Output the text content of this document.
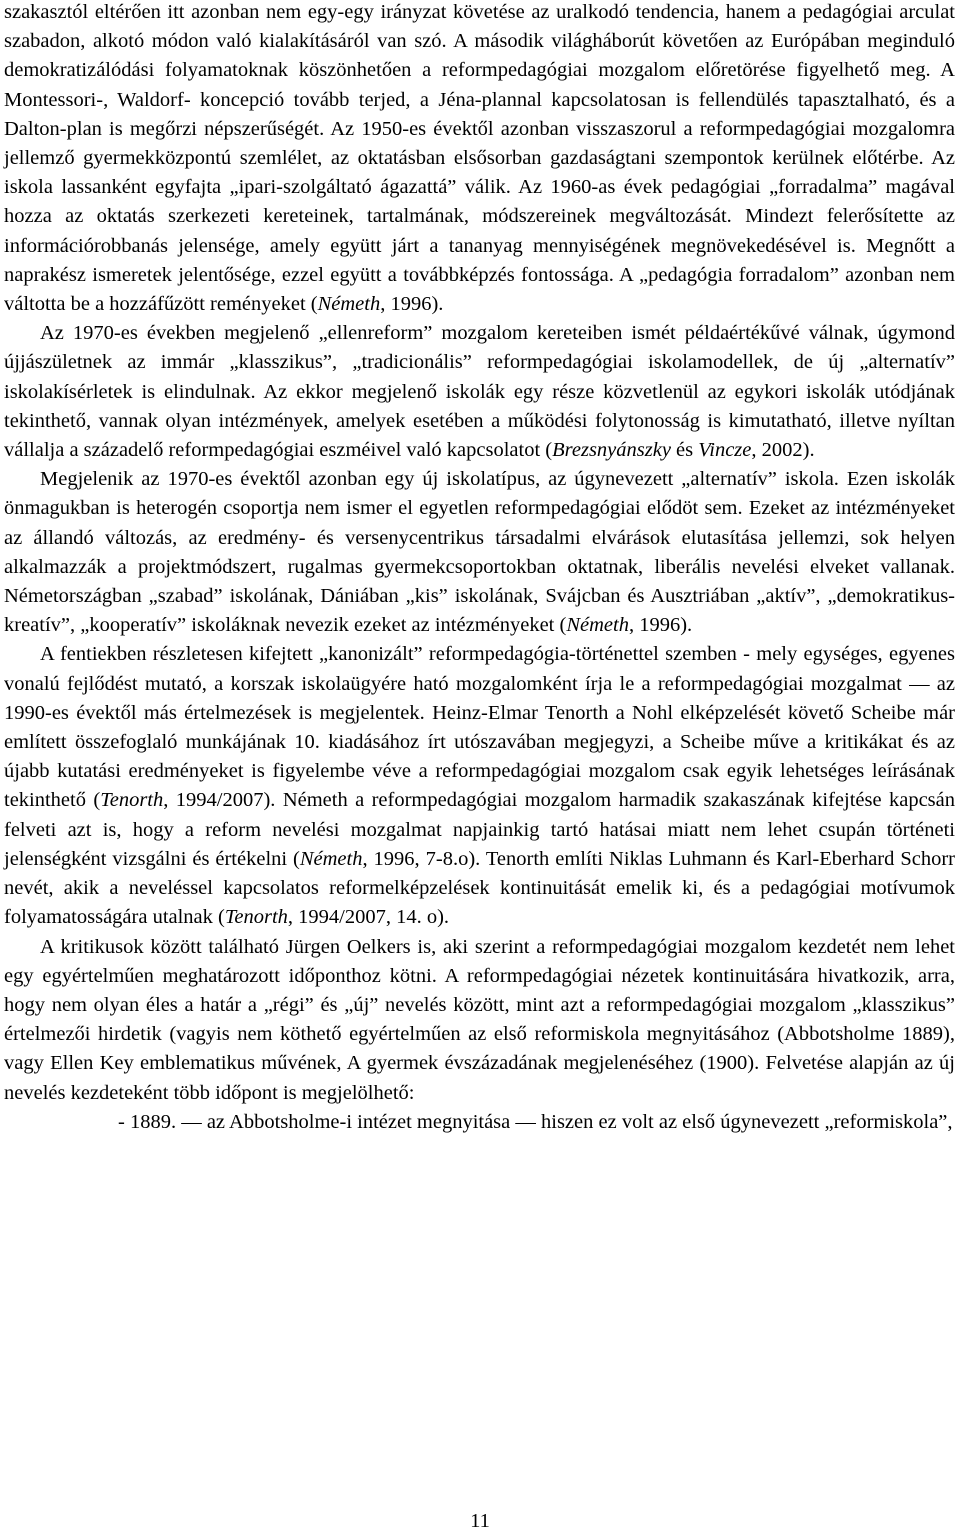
szakasztól eltérően itt azonban nem egy-egy irányzat követése az uralkodó tendencia, hanem a pedagógiai arculat szabadon, alkotó módon való kialakításáról van szó. A második világháborút követően az Európában meginduló demokratizálódási folyamatoknak köszönhetően a reformpedagógiai mozgalom előretörése figyelhető meg. A Montessori-, Waldorf- koncepció tovább terjed, a Jéna-plannal kapcsolatosan is fellendülés tapasztalható, és a Dalton-plan is megőrzi népszerűségét. Az 1950-es évektől azonban visszaszorul a reformpedagógiai mozgalomra jellemző gyermekközpontú szemlélet, az oktatásban elsősorban gazdaságtani szempontok kerülnek előtérbe. Az iskola lassanként egyfajta „ipari-szolgáltató ágazattá” válik. Az 1960-as évek pedagógiai „forradalma” magával hozza az oktatás szerkezeti kereteinek, tartalmának, módszereinek megváltozását. Mindezt felerősítette az információrobbanás jelensége, amely együtt járt a tananyag mennyiségének megnövekedésével is. Megnőtt a naprakész ismeretek jelentősége, ezzel együtt a továbbképzés fontossága. A „pedagógia forradalom” azonban nem váltotta be a hozzáfűzött reményeket (Németh, 1996).

Az 1970-es években megjelenő „ellenreform” mozgalom kereteiben ismét példaértékűvé válnak, úgymond újjászületnek az immár „klasszikus”, „tradicionális” reformpedagógiai iskolamodellek, de új „alternatív” iskolakísérletek is elindulnak. Az ekkor megjelenő iskolák egy része közvetlenül az egykori iskolák utódjának tekinthető, vannak olyan intézmények, amelyek esetében a működési folytonosság is kimutatható, illetve nyíltan vállalja a századelő reformpedagógiai eszméivel való kapcsolatot (Brezsnyánszky és Vincze, 2002).

Megjelenik az 1970-es évektől azonban egy új iskolatípus, az úgynevezett „alternatív” iskola. Ezen iskolák önmagukban is heterogén csoportja nem ismer el egyetlen reformpedagógiai elődöt sem. Ezeket az intézményeket az állandó változás, az eredmény- és versenycentrikus társadalmi elvárások elutasítása jellemzi, sok helyen alkalmazzák a projektmódszert, rugalmas gyermekcsoportokban oktatnak, liberális nevelési elveket vallanak. Németországban „szabad” iskolának, Dániában „kis” iskolának, Svájcban és Ausztriában „aktív”, „demokratikus-kreatív”, „kooperatív” iskoláknak nevezik ezeket az intézményeket (Németh, 1996).

A fentiekben részletesen kifejtett „kanonizált” reformpedagógia-történettel szemben - mely egységes, egyenes vonalú fejlődést mutató, a korszak iskolaügyére ható mozgalomként írja le a reformpedagógiai mozgalmat — az 1990-es évektől más értelmezések is megjelentek. Heinz-Elmar Tenorth a Nohl elképzelését követő Scheibe már említett összefoglaló munkájának 10. kiadásához írt utószavában megjegyzi, a Scheibe műve a kritikákat és az újabb kutatási eredményeket is figyelembe véve a reformpedagógiai mozgalom csak egyik lehetséges leírásának tekinthető (Tenorth, 1994/2007). Németh a reformpedagógiai mozgalom harmadik szakaszának kifejtése kapcsán felveti azt is, hogy a reform nevelési mozgalmat napjainkig tartó hatásai miatt nem lehet csupán történeti jelenségként vizsgálni és értékelni (Németh, 1996, 7-8.o). Tenorth említi Niklas Luhmann és Karl-Eberhard Schorr nevét, akik a neveléssel kapcsolatos reformelképzelések kontinuitását emelik ki, és a pedagógiai motívumok folyamatosságára utalnak (Tenorth, 1994/2007, 14. o).

A kritikusok között található Jürgen Oelkers is, aki szerint a reformpedagógiai mozgalom kezdetét nem lehet egy egyértelműen meghatározott időponthoz kötni. A reformpedagógiai nézetek kontinuitására hivatkozik, arra, hogy nem olyan éles a határ a „régi” és „új” nevelés között, mint azt a reformpedagógiai mozgalom „klasszikus” értelmezői hirdetik (vagyis nem köthető egyértelműen az első reformiskola megnyitásához (Abbotsholme 1889), vagy Ellen Key emblematikus művének, A gyermek évszázadának megjelenéséhez (1900). Felvetése alapján az új nevelés kezdeteként több időpont is megjelölhető:

- 1889. — az Abbotsholme-i intézet megnyitása — hiszen ez volt az első úgynevezett „reformiskola”,

11
